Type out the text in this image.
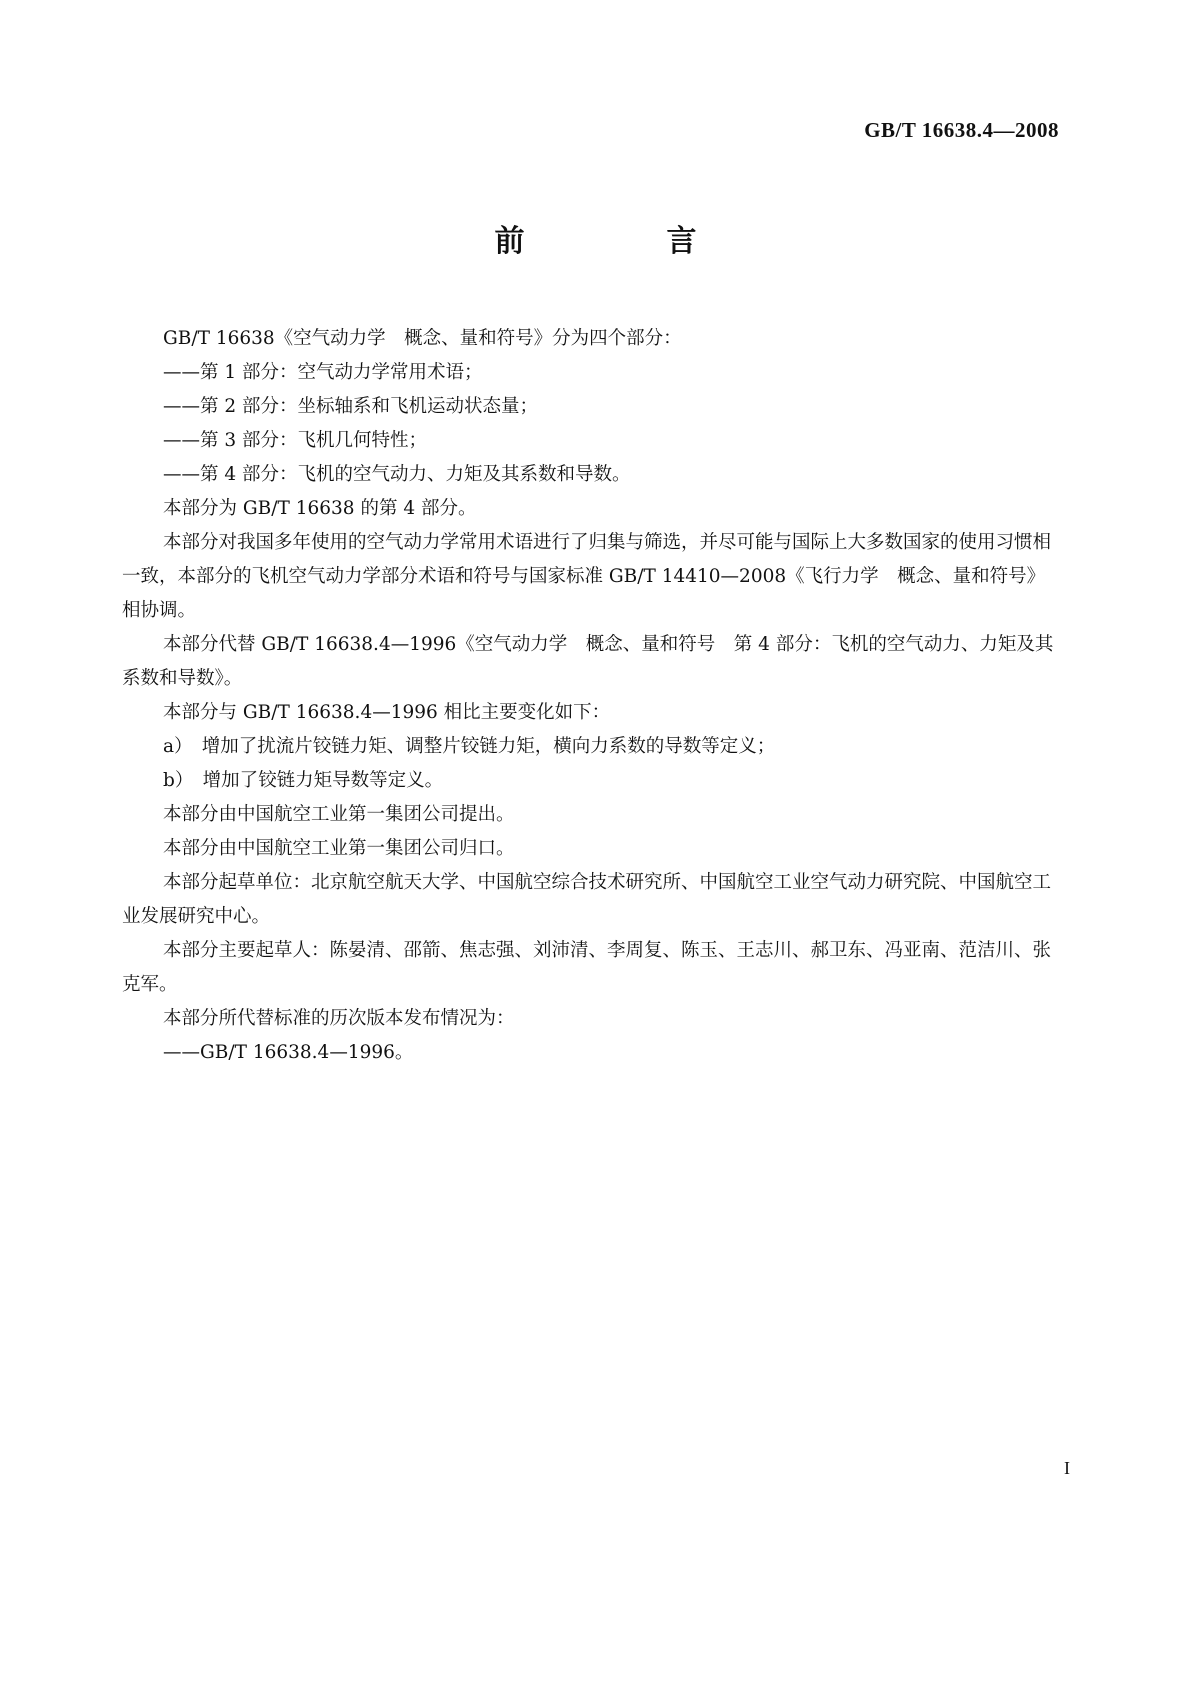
GB/T 16638.4—2008
前　言

GB/T 16638《空气动力学　概念、量和符号》分为四个部分：

——第 1 部分：空气动力学常用术语；

——第 2 部分：坐标轴系和飞机运动状态量；

——第 3 部分：飞机几何特性；

——第 4 部分：飞机的空气动力、力矩及其系数和导数。

本部分为 GB/T 16638 的第 4 部分。

本部分对我国多年使用的空气动力学常用术语进行了归集与筛选，并尽可能与国际上大多数国家的使用习惯相一致，本部分的飞机空气动力学部分术语和符号与国家标准 GB/T 14410—2008《飞行力学　概念、量和符号》相协调。

本部分代替 GB/T 16638.4—1996《空气动力学　概念、量和符号　第 4 部分：飞机的空气动力、力矩及其系数和导数》。

本部分与 GB/T 16638.4—1996 相比主要变化如下：

a）　增加了扰流片铰链力矩、调整片铰链力矩，横向力系数的导数等定义；

b）　增加了铰链力矩导数等定义。

本部分由中国航空工业第一集团公司提出。

本部分由中国航空工业第一集团公司归口。

本部分起草单位：北京航空航天大学、中国航空综合技术研究所、中国航空工业空气动力研究院、中国航空工业发展研究中心。

本部分主要起草人：陈晏清、邵箭、焦志强、刘沛清、李周复、陈玉、王志川、郝卫东、冯亚南、范洁川、张克军。

本部分所代替标准的历次版本发布情况为：

——GB/T 16638.4—1996。

I
